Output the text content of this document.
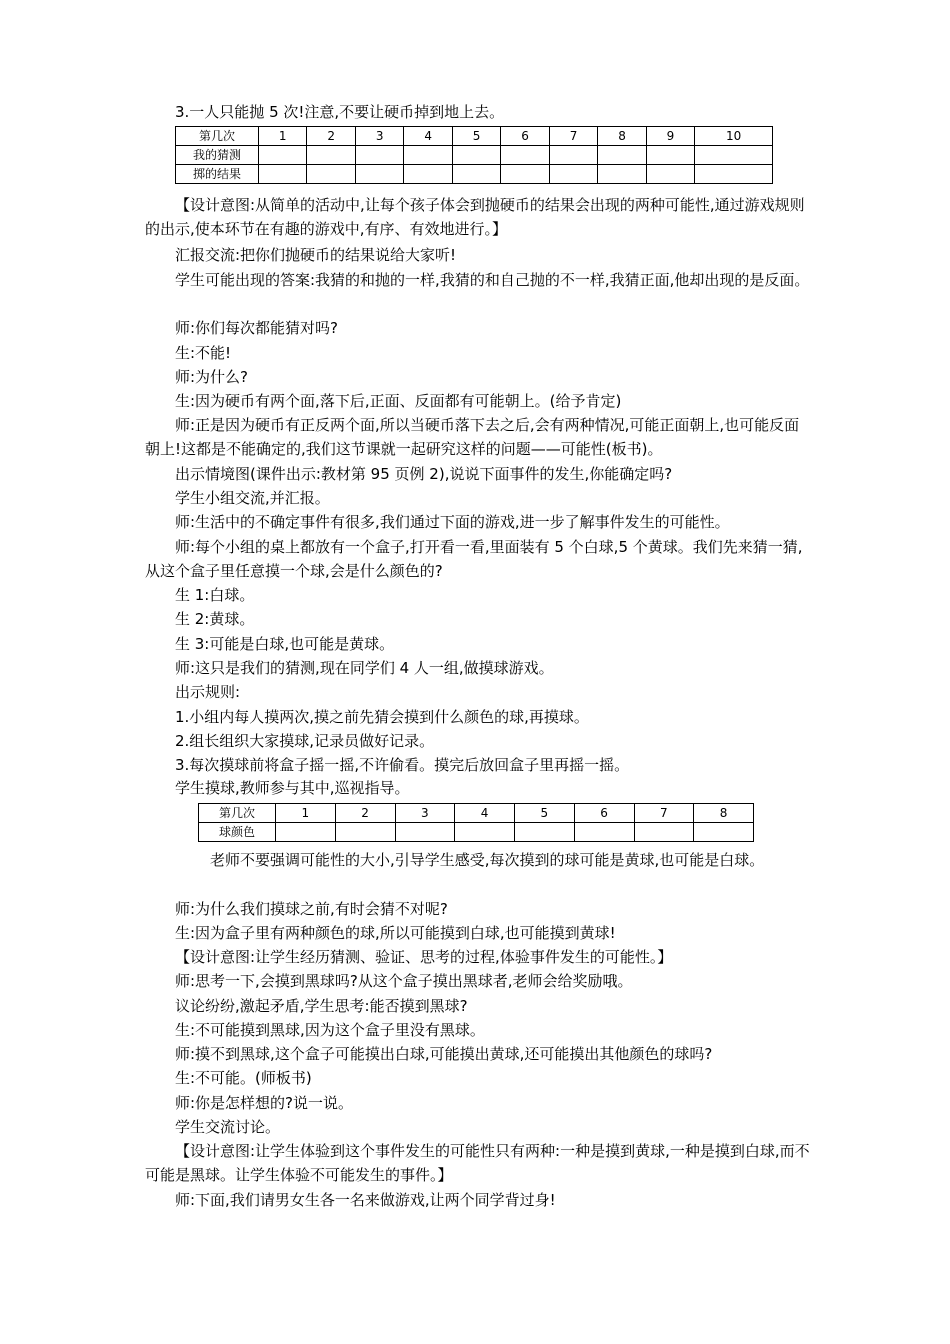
3.一人只能抛 5 次!注意,不要让硬币掉到地上去。

第几次	1	2	3	4	5	6	7	8	9	10
我的猜测										
掷的结果										

【设计意图:从简单的活动中,让每个孩子体会到抛硬币的结果会出现的两种可能性,通过游戏规则的出示,使本环节在有趣的游戏中,有序、有效地进行。】

汇报交流:把你们抛硬币的结果说给大家听!

学生可能出现的答案:我猜的和抛的一样,我猜的和自己抛的不一样,我猜正面,他却出现的是反面。

师:你们每次都能猜对吗?

生:不能!

师:为什么?

生:因为硬币有两个面,落下后,正面、反面都有可能朝上。(给予肯定)

师:正是因为硬币有正反两个面,所以当硬币落下去之后,会有两种情况,可能正面朝上,也可能反面朝上!这都是不能确定的,我们这节课就一起研究这样的问题——可能性(板书)。

出示情境图(课件出示:教材第 95 页例 2),说说下面事件的发生,你能确定吗?

学生小组交流,并汇报。

师:生活中的不确定事件有很多,我们通过下面的游戏,进一步了解事件发生的可能性。

师:每个小组的桌上都放有一个盒子,打开看一看,里面装有 5 个白球,5 个黄球。我们先来猜一猜,从这个盒子里任意摸一个球,会是什么颜色的?

生 1:白球。

生 2:黄球。

生 3:可能是白球,也可能是黄球。

师:这只是我们的猜测,现在同学们 4 人一组,做摸球游戏。

出示规则:

1.小组内每人摸两次,摸之前先猜会摸到什么颜色的球,再摸球。

2.组长组织大家摸球,记录员做好记录。

3.每次摸球前将盒子摇一摇,不许偷看。摸完后放回盒子里再摇一摇。

学生摸球,教师参与其中,巡视指导。

第几次	1	2	3	4	5	6	7	8
球颜色								

老师不要强调可能性的大小,引导学生感受,每次摸到的球可能是黄球,也可能是白球。

师:为什么我们摸球之前,有时会猜不对呢?

生:因为盒子里有两种颜色的球,所以可能摸到白球,也可能摸到黄球!

【设计意图:让学生经历猜测、验证、思考的过程,体验事件发生的可能性。】

师:思考一下,会摸到黑球吗?从这个盒子摸出黑球者,老师会给奖励哦。

议论纷纷,激起矛盾,学生思考:能否摸到黑球?

生:不可能摸到黑球,因为这个盒子里没有黑球。

师:摸不到黑球,这个盒子可能摸出白球,可能摸出黄球,还可能摸出其他颜色的球吗?

生:不可能。(师板书)

师:你是怎样想的?说一说。

学生交流讨论。

【设计意图:让学生体验到这个事件发生的可能性只有两种:一种是摸到黄球,一种是摸到白球,而不可能是黑球。让学生体验不可能发生的事件。】

师:下面,我们请男女生各一名来做游戏,让两个同学背过身!
